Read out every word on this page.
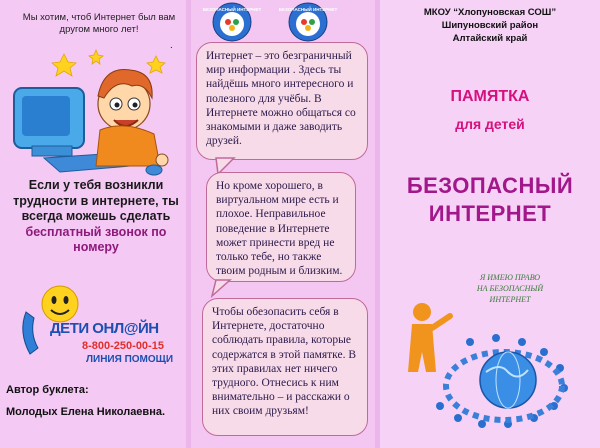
Мы хотим, чтоб Интернет был вам
другом много лет!
.
Если у тебя возникли
трудности в интернете, ты
всегда можешь сделать
бесплатный звонок по
номеру
ДЕТИ ОНЛ@ЙН
8-800-250-00-15
ЛИНИЯ ПОМОЩИ
Автор буклета:
Молодых Елена Николаевна.
БЕЗОПАСНЫЙ ИНТЕРНЕТ	БЕЗОПАСНЫЙ ИНТЕРНЕТ
Интернет – это безграничный мир информации . Здесь ты найдёшь много интересного и полезного для учёбы. В Интернете можно общаться со знакомыми и даже заводить друзей.
Но кроме хорошего, в виртуальном мире есть и плохое. Неправильное поведение в Интернете может принести вред не только тебе, но также твоим родным и близким.
Чтобы обезопасить себя в Интернете, достаточно соблюдать правила, которые содержатся в этой памятке. В этих правилах нет ничего трудного. Отнесись к ним внимательно – и расскажи о них своим друзьям!
МКОУ “Хлопуновская СОШ”
Шипуновский район
Алтайский край
ПАМЯТКА
для детей
БЕЗОПАСНЫЙ
ИНТЕРНЕТ
Я ИМЕЮ ПРАВО
НА БЕЗОПАСНЫЙ
ИНТЕРНЕТ
